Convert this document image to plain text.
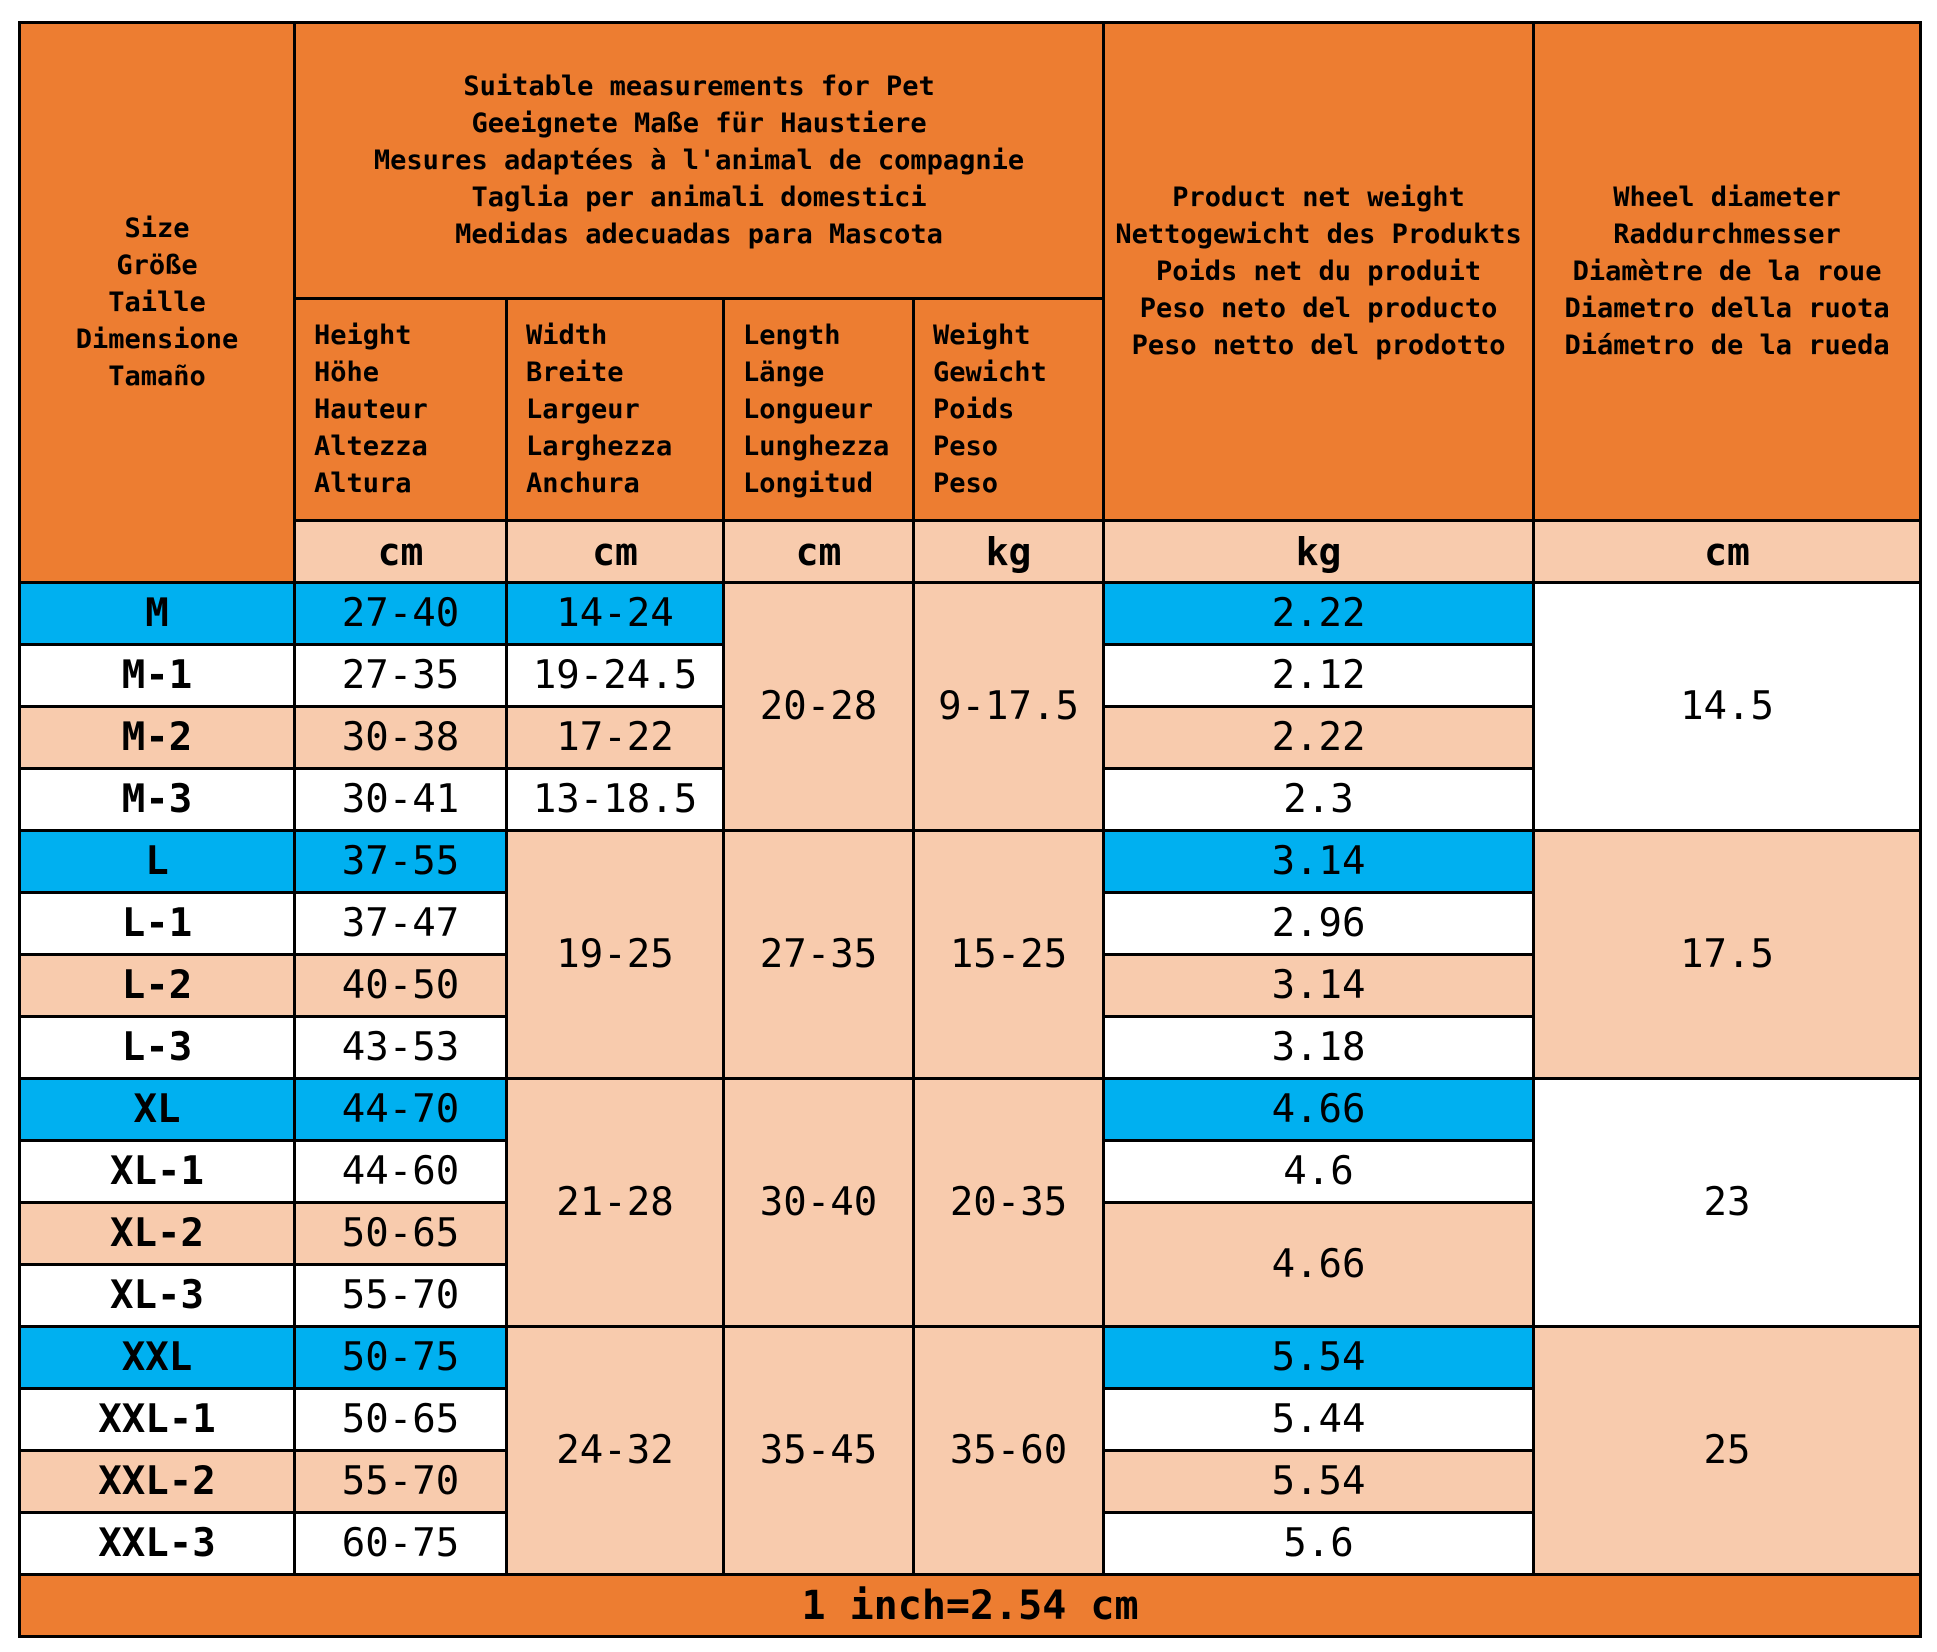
Size
Größe
Taille
Dimensione
Tamaño	Suitable measurements for Pet
Geeignete Maße für Haustiere
Mesures adaptées à l'animal de compagnie
Taglia per animali domestici
Medidas adecuadas para Mascota				Product net weight
Nettogewicht des Produkts
Poids net du produit
Peso neto del producto
Peso netto del prodotto	Wheel diameter
Raddurchmesser
Diamètre de la roue
Diametro della ruota
Diámetro de la rueda

	Height
Höhe
Hauteur
Altezza
Altura	Width
Breite
Largeur
Larghezza
Anchura	Length
Länge
Longueur
Lunghezza
Longitud	Weight
Gewicht
Poids
Peso
Peso		

	cm	cm	cm	kg	kg	cm
M	27-40	14-24	20-28	9-17.5	2.22	14.5
M-1	27-35	19-24.5			2.12	
M-2	30-38	17-22			2.22	
M-3	30-41	13-18.5			2.3	
L	37-55	19-25	27-35	15-25	3.14	17.5
L-1	37-47				2.96	
L-2	40-50				3.14	
L-3	43-53				3.18	
XL	44-70	21-28	30-40	20-35	4.66	23
XL-1	44-60				4.6	
XL-2	50-65				4.66	
XL-3	55-70					
XXL	50-75	24-32	35-45	35-60	5.54	25
XXL-1	50-65				5.44	
XXL-2	55-70				5.54	
XXL-3	60-75				5.6	
1 inch=2.54 cm						
